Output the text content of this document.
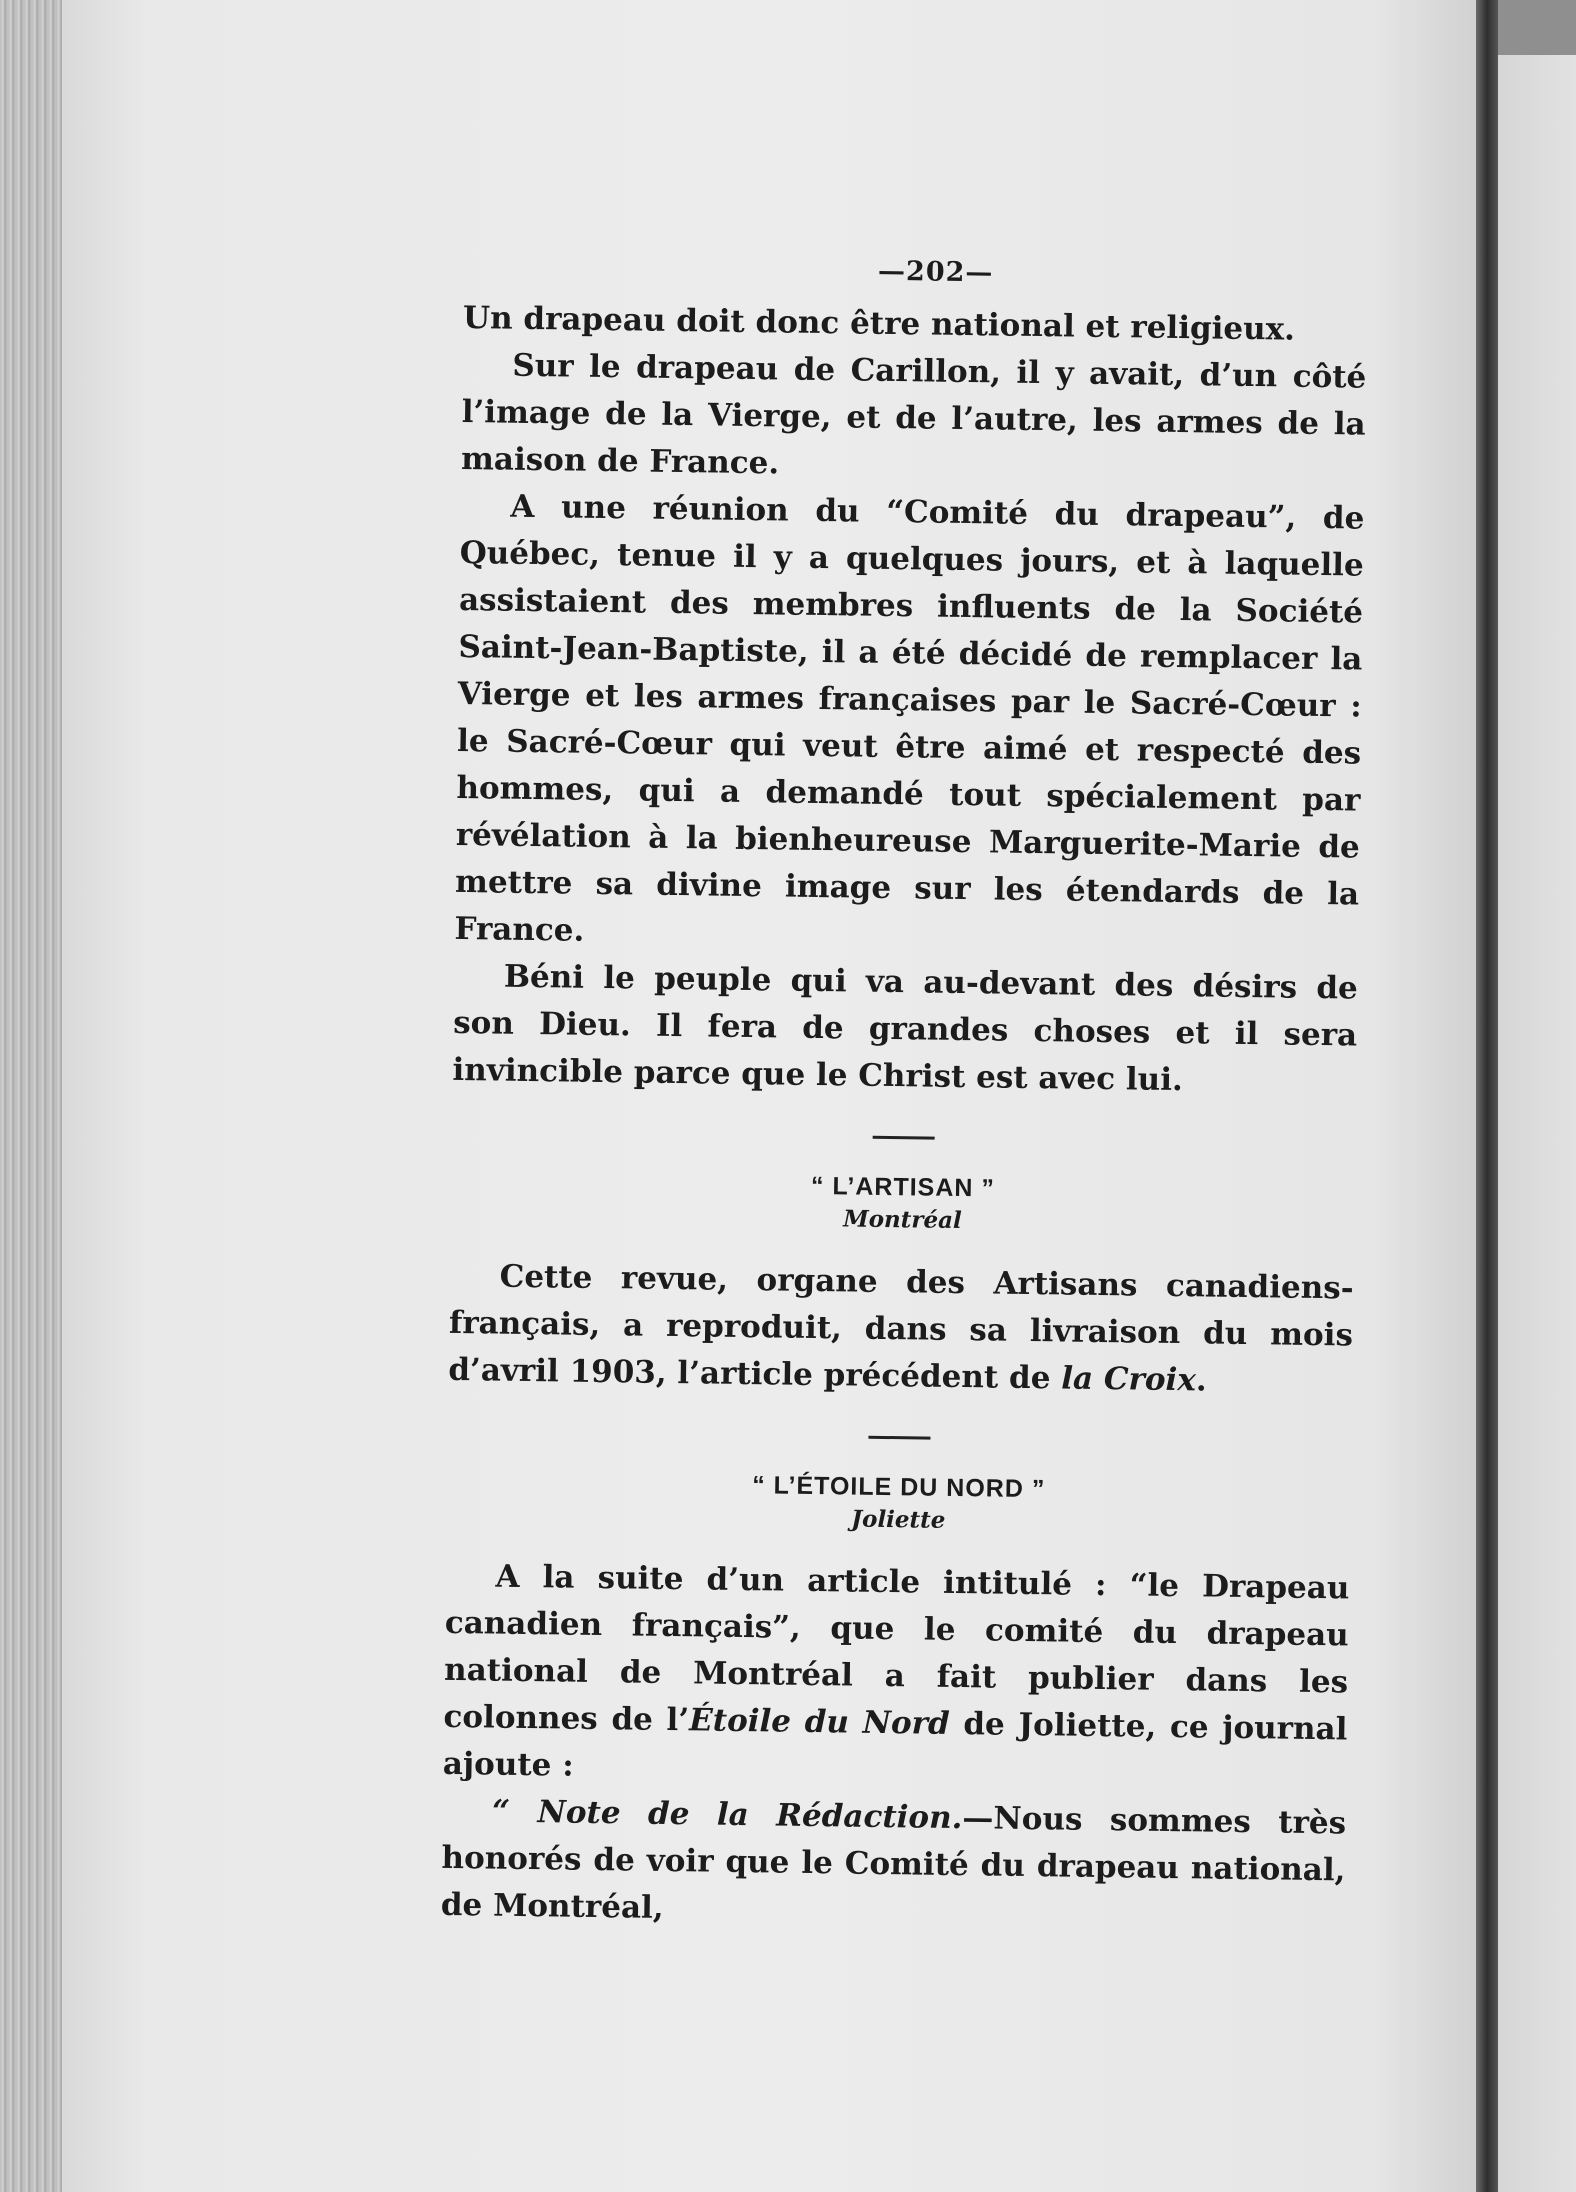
—202—

Un drapeau doit donc être national et religieux.

Sur le drapeau de Carillon, il y avait, d’un côté l’image de la Vierge, et de l’autre, les armes de la maison de France.

A une réunion du “Comité du drapeau”, de Québec, tenue il y a quelques jours, et à laquelle assistaient des membres influents de la Société Saint-Jean-Baptiste, il a été décidé de remplacer la Vierge et les armes françaises par le Sacré-Cœur : le Sacré-Cœur qui veut être aimé et respecté des hommes, qui a demandé tout spécialement par révélation à la bienheureuse Marguerite-Marie de mettre sa divine image sur les étendards de la France.

Béni le peuple qui va au-devant des désirs de son Dieu. Il fera de grandes choses et il sera invincible parce que le Christ est avec lui.

“ L’ARTISAN ”

Montréal

Cette revue, organe des Artisans canadiens-français, a reproduit, dans sa livraison du mois d’avril 1903, l’article précédent de la Croix.

“ L’ÉTOILE DU NORD ”

Joliette

A la suite d’un article intitulé : “le Drapeau canadien français”, que le comité du drapeau national de Montréal a fait publier dans les colonnes de l’Étoile du Nord de Joliette, ce journal ajoute :

“ Note de la Rédaction.—Nous sommes très honorés de voir que le Comité du drapeau national, de Montréal,
